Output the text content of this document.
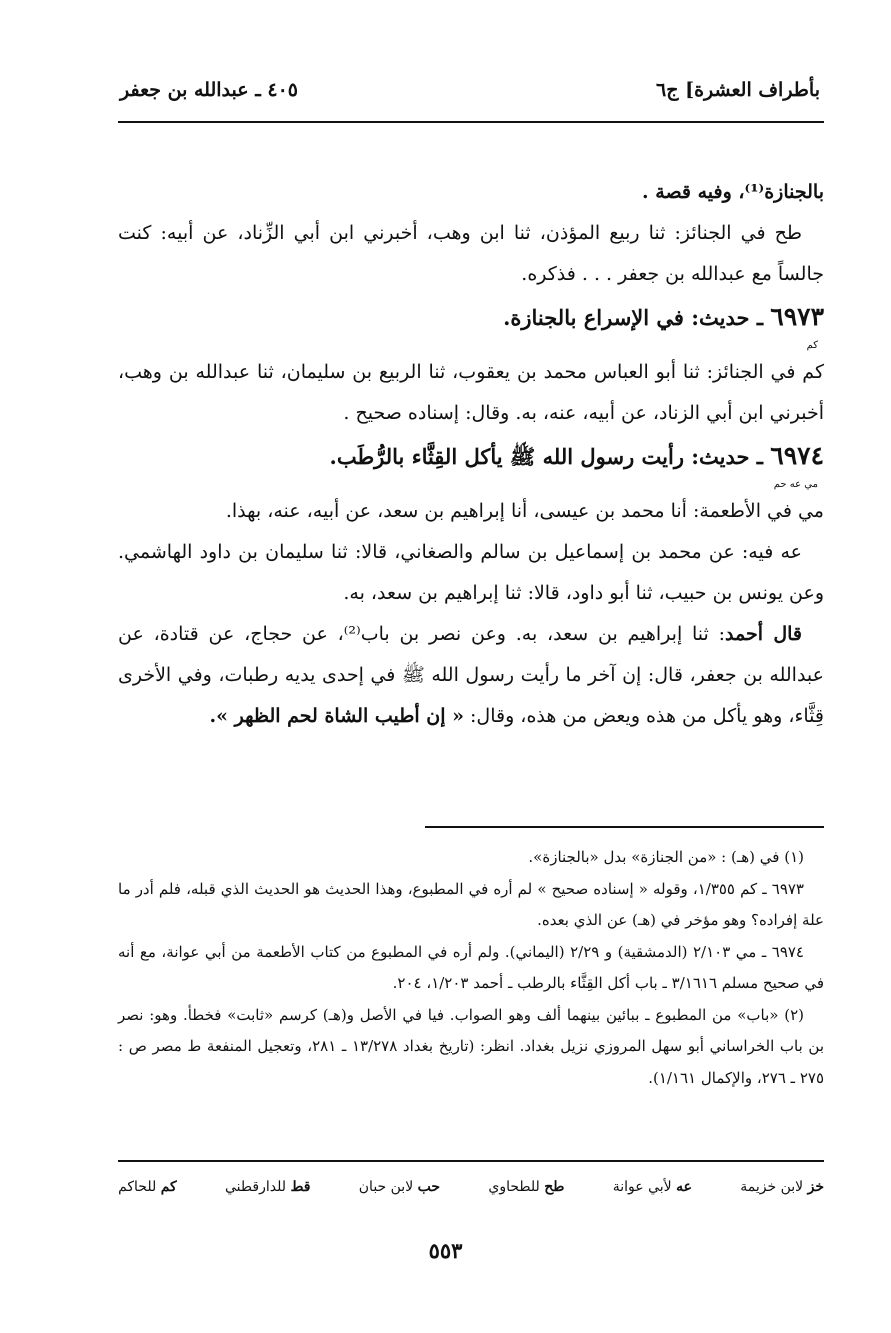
بأطراف العشرة] ج٦
٤٠٥ ـ عبدالله بن جعفر

بالجنازة⁽¹⁾، وفيه قصة .

طح في الجنائز: ثنا ربيع المؤذن، ثنا ابن وهب، أخبرني ابن أبي الزِّناد، عن أبيه: كنت جالساً مع عبدالله بن جعفر . . . فذكره.

٦٩٧٣ ـ حديث: في الإسراع بالجنازة.

كم

كم في الجنائز: ثنا أبو العباس محمد بن يعقوب، ثنا الربيع بن سليمان، ثنا عبدالله بن وهب، أخبرني ابن أبي الزناد، عن أبيه، عنه، به. وقال: إسناده صحيح .

٦٩٧٤ ـ حديث: رأيت رسول الله ﷺ يأكل القِثَّاء بالرُّطَب.

مي عه حم

مي في الأطعمة: أنا محمد بن عيسى، أنا إبراهيم بن سعد، عن أبيه، عنه، بهذا.

عه فيه: عن محمد بن إسماعيل بن سالم والصغاني، قالا: ثنا سليمان بن داود الهاشمي. وعن يونس بن حبيب، ثنا أبو داود، قالا: ثنا إبراهيم بن سعد، به.

قال أحمد: ثنا إبراهيم بن سعد، به. وعن نصر بن باب⁽²⁾، عن حجاج، عن قتادة، عن عبدالله بن جعفر، قال: إن آخر ما رأيت رسول الله ﷺ في إحدى يديه رطبات، وفي الأخرى قِثَّاء، وهو يأكل من هذه ويعض من هذه، وقال: « إن أطيب الشاة لحم الظهر ».

(١) في (هـ) : «من الجنازة» بدل «بالجنازة».

٦٩٧٣ ـ كم ١/٣٥٥، وقوله « إسناده صحيح » لم أره في المطبوع، وهذا الحديث هو الحديث الذي قبله، فلم أدر ما علة إفراده؟ وهو مؤخر في (هـ) عن الذي بعده.

٦٩٧٤ ـ مي ٢/١٠٣ (الدمشقية) و ٢/٢٩ (اليماني). ولم أره في المطبوع من كتاب الأطعمة من أبي عوانة، مع أنه في صحيح مسلم ٣/١٦١٦ ـ باب أكل القِثَّاء بالرطب ـ أحمد ١/٢٠٣، ٢٠٤.

(٢) «باب» من المطبوع ـ ببائين بينهما ألف وهو الصواب. فيا في الأصل و(هـ) كرسم «ثابت» فخطأ. وهو: نصر بن باب الخراساني أبو سهل المروزي نزيل بغداد. انظر: (تاريخ بغداد ١٣/٢٧٨ ـ ٢٨١، وتعجيل المنفعة ط مصر ص : ٢٧٥ ـ ٢٧٦، والإكمال ١/١٦١).

خز لابن خزيمة
عه لأبي عوانة
طح للطحاوي
حب لابن حبان
قط للدارقطني
كم للحاكم
٥٥٣
